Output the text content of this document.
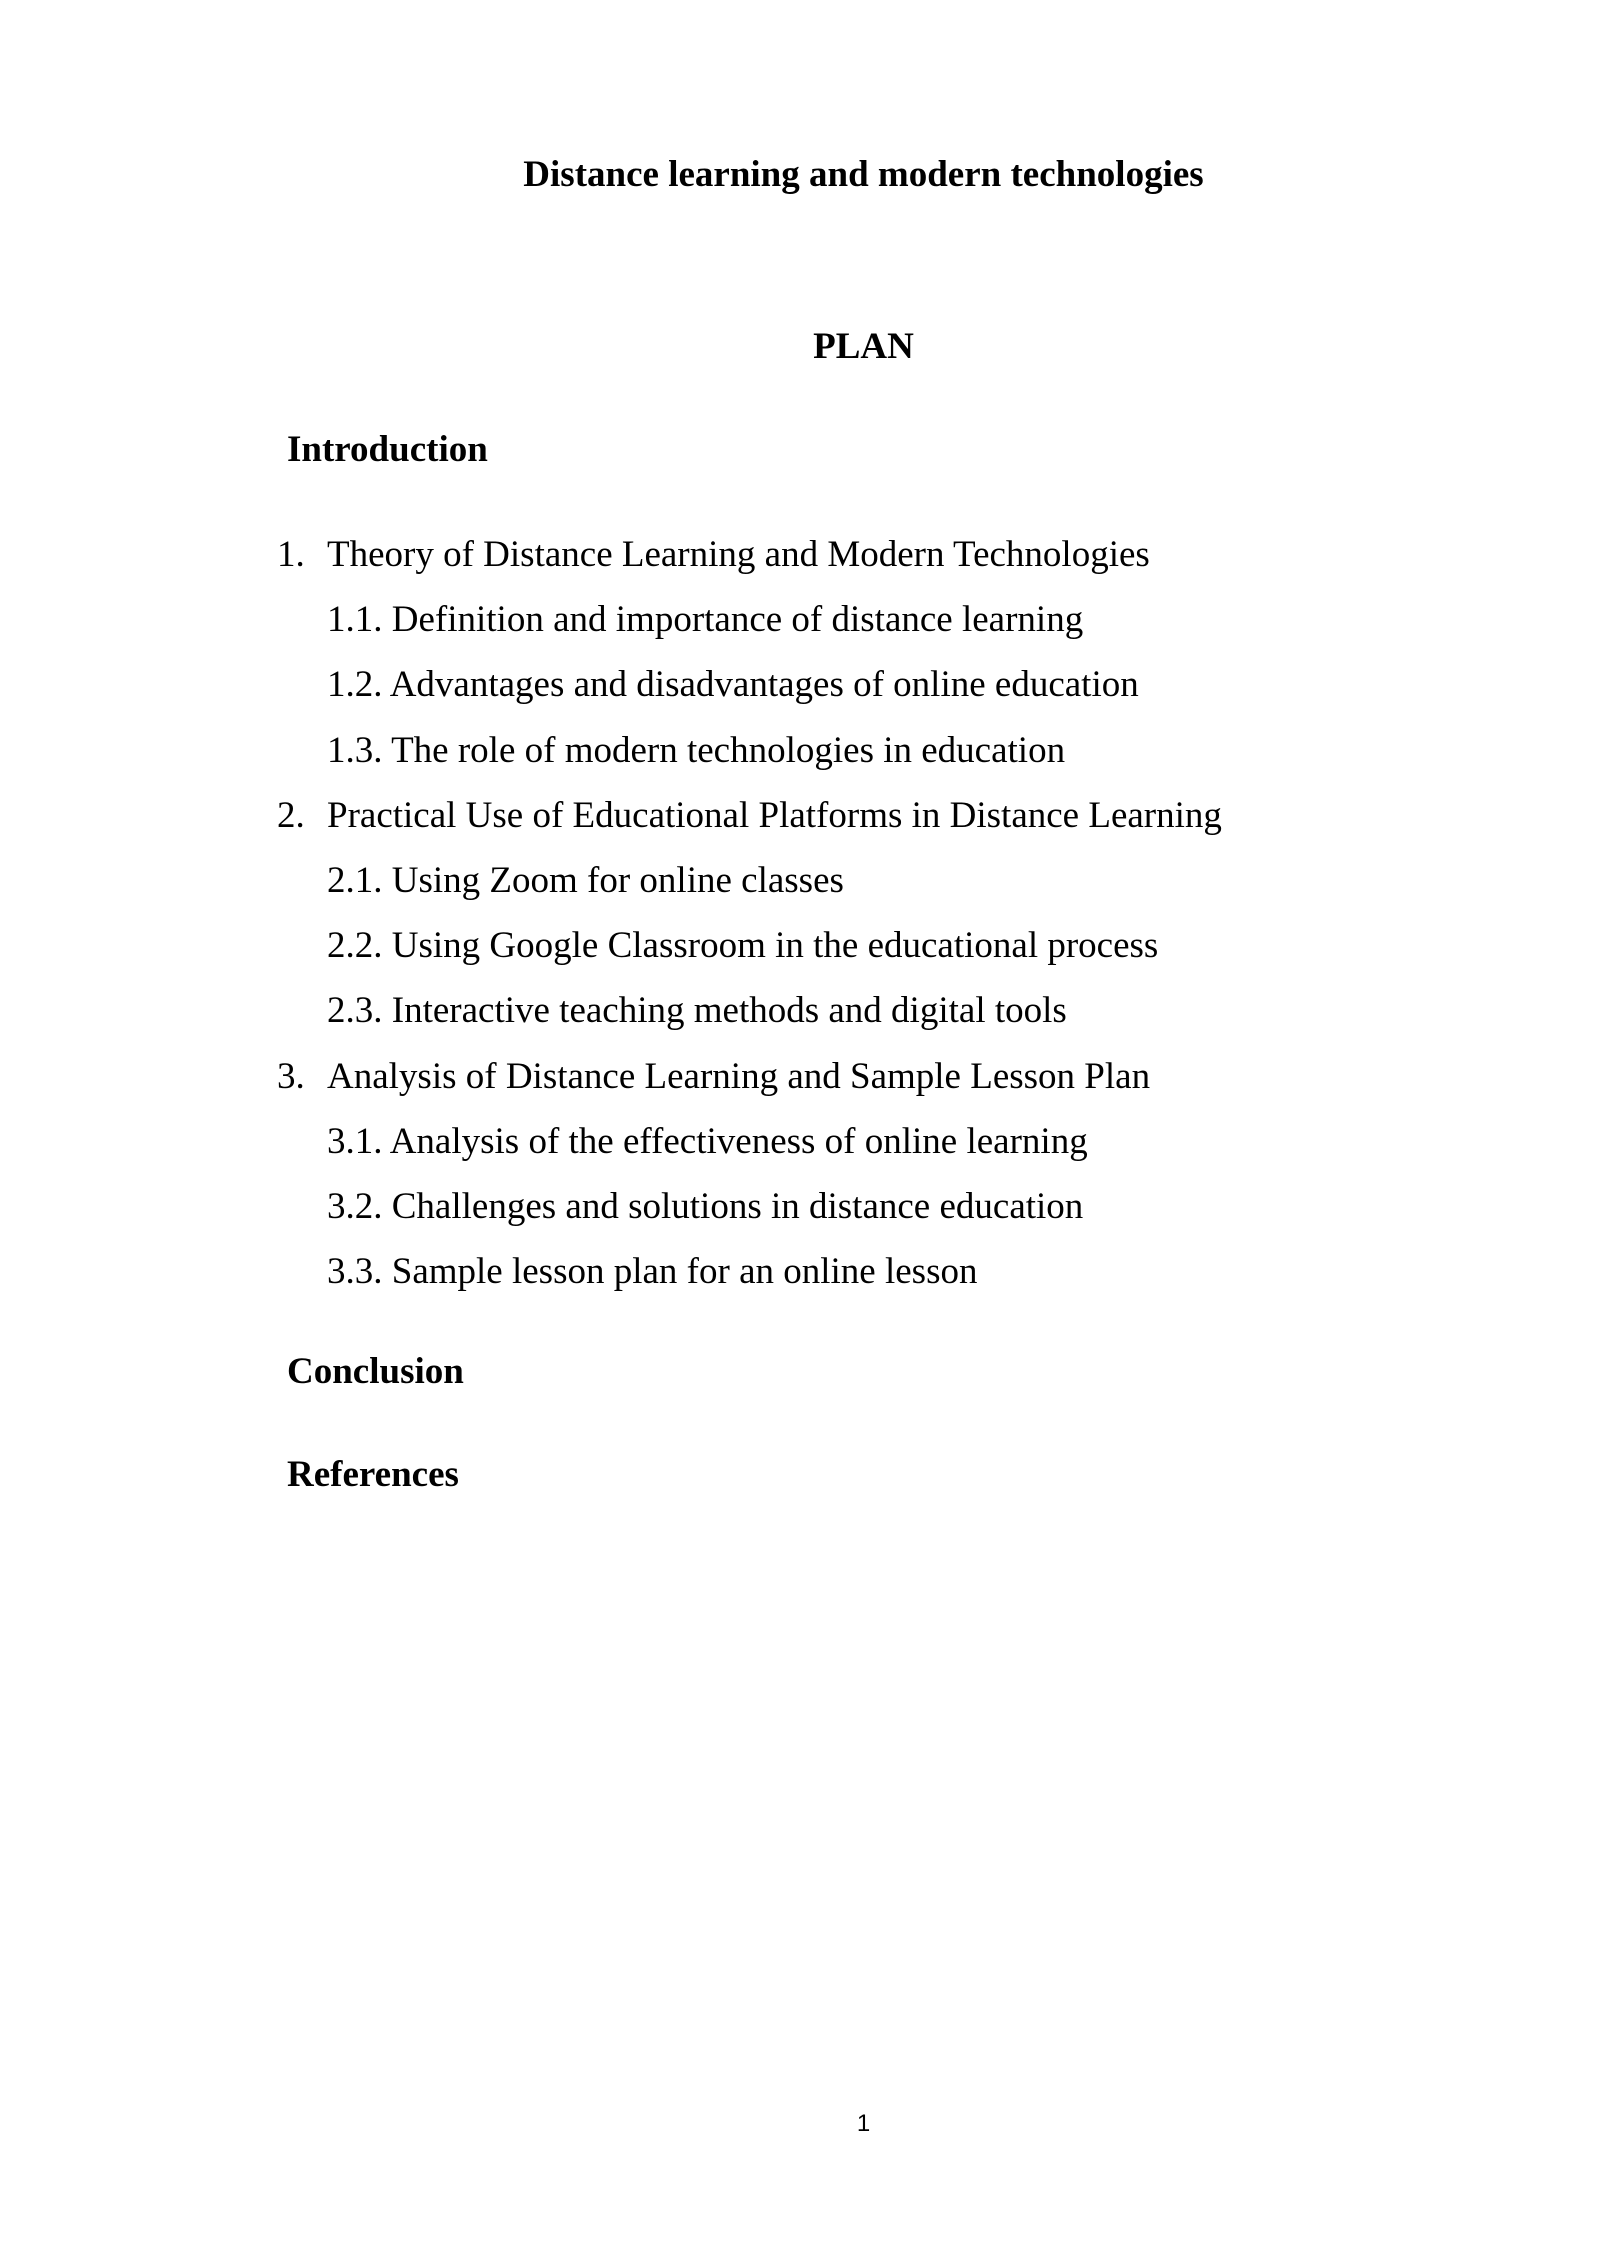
Distance learning and modern technologies
PLAN
Introduction
1. Theory of Distance Learning and Modern Technologies
1.1. Definition and importance of distance learning
1.2. Advantages and disadvantages of online education
1.3. The role of modern technologies in education
2. Practical Use of Educational Platforms in Distance Learning
2.1. Using Zoom for online classes
2.2. Using Google Classroom in the educational process
2.3. Interactive teaching methods and digital tools
3. Analysis of Distance Learning and Sample Lesson Plan
3.1. Analysis of the effectiveness of online learning
3.2. Challenges and solutions in distance education
3.3. Sample lesson plan for an online lesson
Conclusion
References
1
